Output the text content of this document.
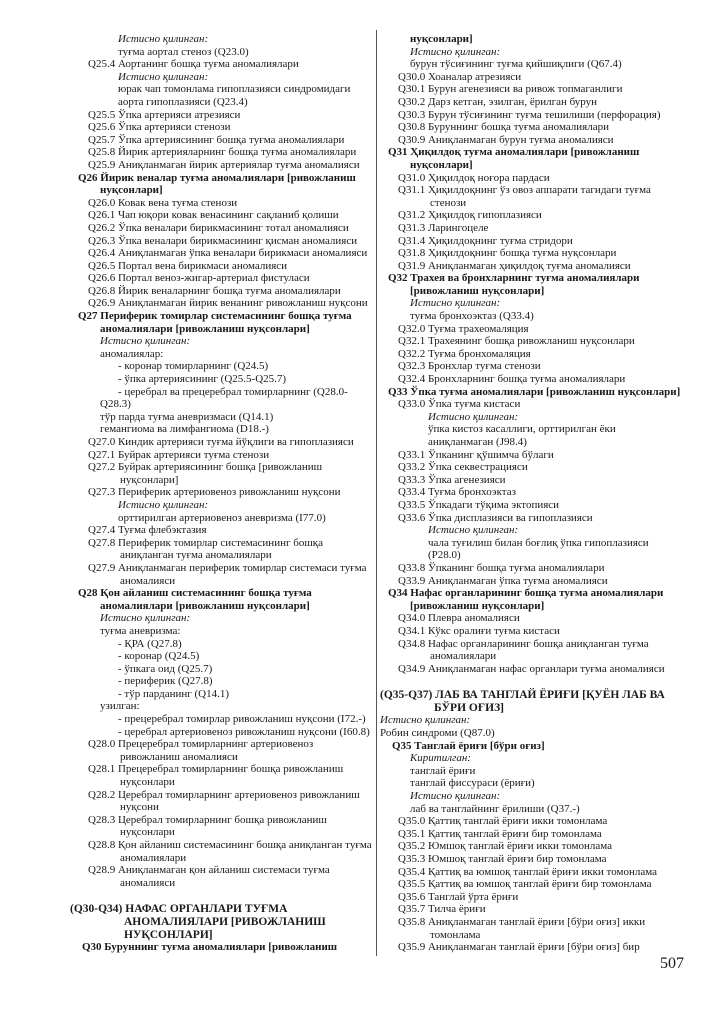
Истисно қилинган:
туғма аортал стеноз (Q23.0)
Q25.4 Аортанинг бошқа туғма аномалиялари
Истисно қилинган:
юрак чап томонлама гипоплазияси синдромидаги
аорта гипоплазияси (Q23.4)
Q25.5 Ўпка артерияси атрезияси
Q25.6 Ўпка артерияси стенози
Q25.7 Ўпка артериясининг бошқа туғма аномалиялари
Q25.8 Йирик артерияларнинг бошқа туғма аномалиялари
Q25.9 Аниқланмаган йирик артериялар туғма аномалияси
Q26 Йирик веналар туғма аномалиялари [ривожланиш
нуқсонлари]
Q26.0 Ковак вена туғма стенози
Q26.1 Чап юқори ковак венасининг сақланиб қолиши
Q26.2 Ўпка веналари бирикмасининг тотал аномалияси
Q26.3 Ўпка веналари бирикмасининг қисман аномалияси
Q26.4 Аниқланмаган ўпка веналари бирикмаси аномалияси
Q26.5 Портал вена бирикмаси аномалияси
Q26.6 Портал веноз-жигар-артериал фистуласи
Q26.8 Йирик веналарнинг бошқа туғма аномалиялари
Q26.9 Аниқланмаган йирик венанинг ривожланиш нуқсони
Q27 Периферик томирлар системасининг бошқа туғма
аномалиялари [ривожланиш нуқсонлари]
Истисно қилинган:
аномалиялар:
- коронар томирларнинг (Q24.5)
- ўпка артериясининг (Q25.5-Q25.7)
- церебрал ва прецеребрал томирларнинг (Q28.0-
Q28.3)
тўр парда туғма аневризмаси (Q14.1)
гемангиома ва лимфангиома (D18.-)
Q27.0 Киндик артерияси туғма йўқлиги ва гипоплазияси
Q27.1 Буйрак артерияси туғма стенози
Q27.2 Буйрак артериясининг бошқа [ривожланиш
нуқсонлари]
Q27.3 Периферик артериовеноз ривожланиш нуқсони
Истисно қилинган:
орттирилган артериовеноз аневризма (I77.0)
Q27.4 Туғма флебэктазия
Q27.8 Периферик томирлар системасининг бошқа
аниқланган туғма аномалиялари
Q27.9 Аниқланмаган периферик томирлар системаси туғма
аномалияси
Q28 Қон айланиш системасининг бошқа туғма
аномалиялари [ривожланиш нуқсонлари]
Истисно қилинган:
туғма аневризма:
- ҚРА (Q27.8)
- коронар (Q24.5)
- ўпкага оид (Q25.7)
- периферик (Q27.8)
- тўр парданинг (Q14.1)
узилган:
- прецеребрал томирлар ривожланиш нуқсони (I72.-)
- церебрал артериовеноз ривожланиш нуқсони (I60.8)
Q28.0 Прецеребрал томирларнинг артериовеноз
ривожланиш аномалияси
Q28.1 Прецеребрал томирларнинг бошқа ривожланиш
нуқсонлари
Q28.2 Церебрал томирларнинг артериовеноз ривожланиш
нуқсони
Q28.3 Церебрал томирларнинг бошқа ривожланиш
нуқсонлари
Q28.8 Қон айланиш системасининг бошқа аниқланган туғма
аномалиялари
Q28.9 Аниқланмаган қон айланиш системаси туғма
аномалияси
(Q30-Q34) НАФАС ОРГАНЛАРИ ТУҒМА
АНОМАЛИЯЛАРИ [РИВОЖЛАНИШ
НУҚСОНЛАРИ]
Q30 Буруннинг туғма аномалиялари [ривожланиш
нуқсонлари]
Истисно қилинган:
бурун тўсиғининг туғма қийшиқлиги (Q67.4)
Q30.0 Хоаналар атрезияси
Q30.1 Бурун агенезияси ва ривож топмаганлиги
Q30.2 Дарз кетган, эзилган, ёрилган бурун
Q30.3 Бурун тўсиғининг туғма тешилиши (перфорация)
Q30.8 Буруннинг бошқа туғма аномалиялари
Q30.9 Аниқланмаган бурун туғма аномалияси
Q31 Ҳиқилдоқ туғма аномалиялари [ривожланиш
нуқсонлари]
Q31.0 Ҳиқилдоқ ноғора пардаси
Q31.1 Ҳиқилдоқнинг ўз овоз аппарати тагидаги туғма
стенози
Q31.2 Ҳиқилдоқ гипоплазияси
Q31.3 Ларингоцеле
Q31.4 Ҳиқилдоқнинг туғма стридори
Q31.8 Ҳиқилдоқнинг бошқа туғма нуқсонлари
Q31.9 Аниқланмаган ҳиқилдоқ туғма аномалияси
Q32 Трахея ва бронхларнинг туғма аномалиялари
[ривожланиш нуқсонлари]
Истисно қилинган:
туғма бронхоэктаз (Q33.4)
Q32.0 Туғма трахеомаляция
Q32.1 Трахеянинг бошқа ривожланиш нуқсонлари
Q32.2 Туғма бронхомаляция
Q32.3 Бронхлар туғма стенози
Q32.4 Бронхларнинг бошқа туғма аномалиялари
Q33 Ўпка туғма аномалиялари [ривожланиш нуқсонлари]
Q33.0 Ўпка туғма кистаси
Истисно қилинган:
ўпка кистоз касаллиги, орттирилган ёки
аниқланмаган (J98.4)
Q33.1 Ўпканинг қўшимча бўлаги
Q33.2 Ўпка секвестрацияси
Q33.3 Ўпка агенезияси
Q33.4 Туғма бронхоэктаз
Q33.5 Ўпкадаги тўқима эктопияси
Q33.6 Ўпка дисплазияси ва гипоплазияси
Истисно қилинган:
чала туғилиш билан боғлиқ ўпка гипоплазияси
(P28.0)
Q33.8 Ўпканинг бошқа туғма аномалиялари
Q33.9 Аниқланмаган ўпка туғма аномалияси
Q34 Нафас органларининг бошқа туғма аномалиялари
[ривожланиш нуқсонлари]
Q34.0 Плевра аномалияси
Q34.1 Кўкс оралиғи туғма кистаси
Q34.8 Нафас органларининг бошқа аниқланган туғма
аномалиялари
Q34.9 Аниқланмаган нафас органлари туғма аномалияси
(Q35-Q37) ЛАБ ВА ТАНГЛАЙ ЁРИҒИ [ҚУЁН ЛАБ ВА
БЎРИ ОҒИЗ]
Истисно қилинган:
Робин синдроми (Q87.0)
Q35 Танглай ёриғи [бўри оғиз]
Киритилган:
танглай ёриғи
танглай фиссураси (ёриғи)
Истисно қилинган:
лаб ва танглайнинг ёрилиши (Q37.-)
Q35.0 Қаттиқ танглай ёриғи икки томонлама
Q35.1 Қаттиқ танглай ёриғи бир томонлама
Q35.2 Юмшоқ танглай ёриғи икки томонлама
Q35.3 Юмшоқ танглай ёриғи бир томонлама
Q35.4 Қаттиқ ва юмшоқ танглай ёриғи икки томонлама
Q35.5 Қаттиқ ва юмшоқ танглай ёриғи бир томонлама
Q35.6 Танглай ўрта ёриғи
Q35.7 Тилча ёриғи
Q35.8 Аниқланмаган танглай ёриғи [бўри оғиз] икки
томонлама
Q35.9 Аниқланмаган танглай ёриғи [бўри оғиз] бир
507
